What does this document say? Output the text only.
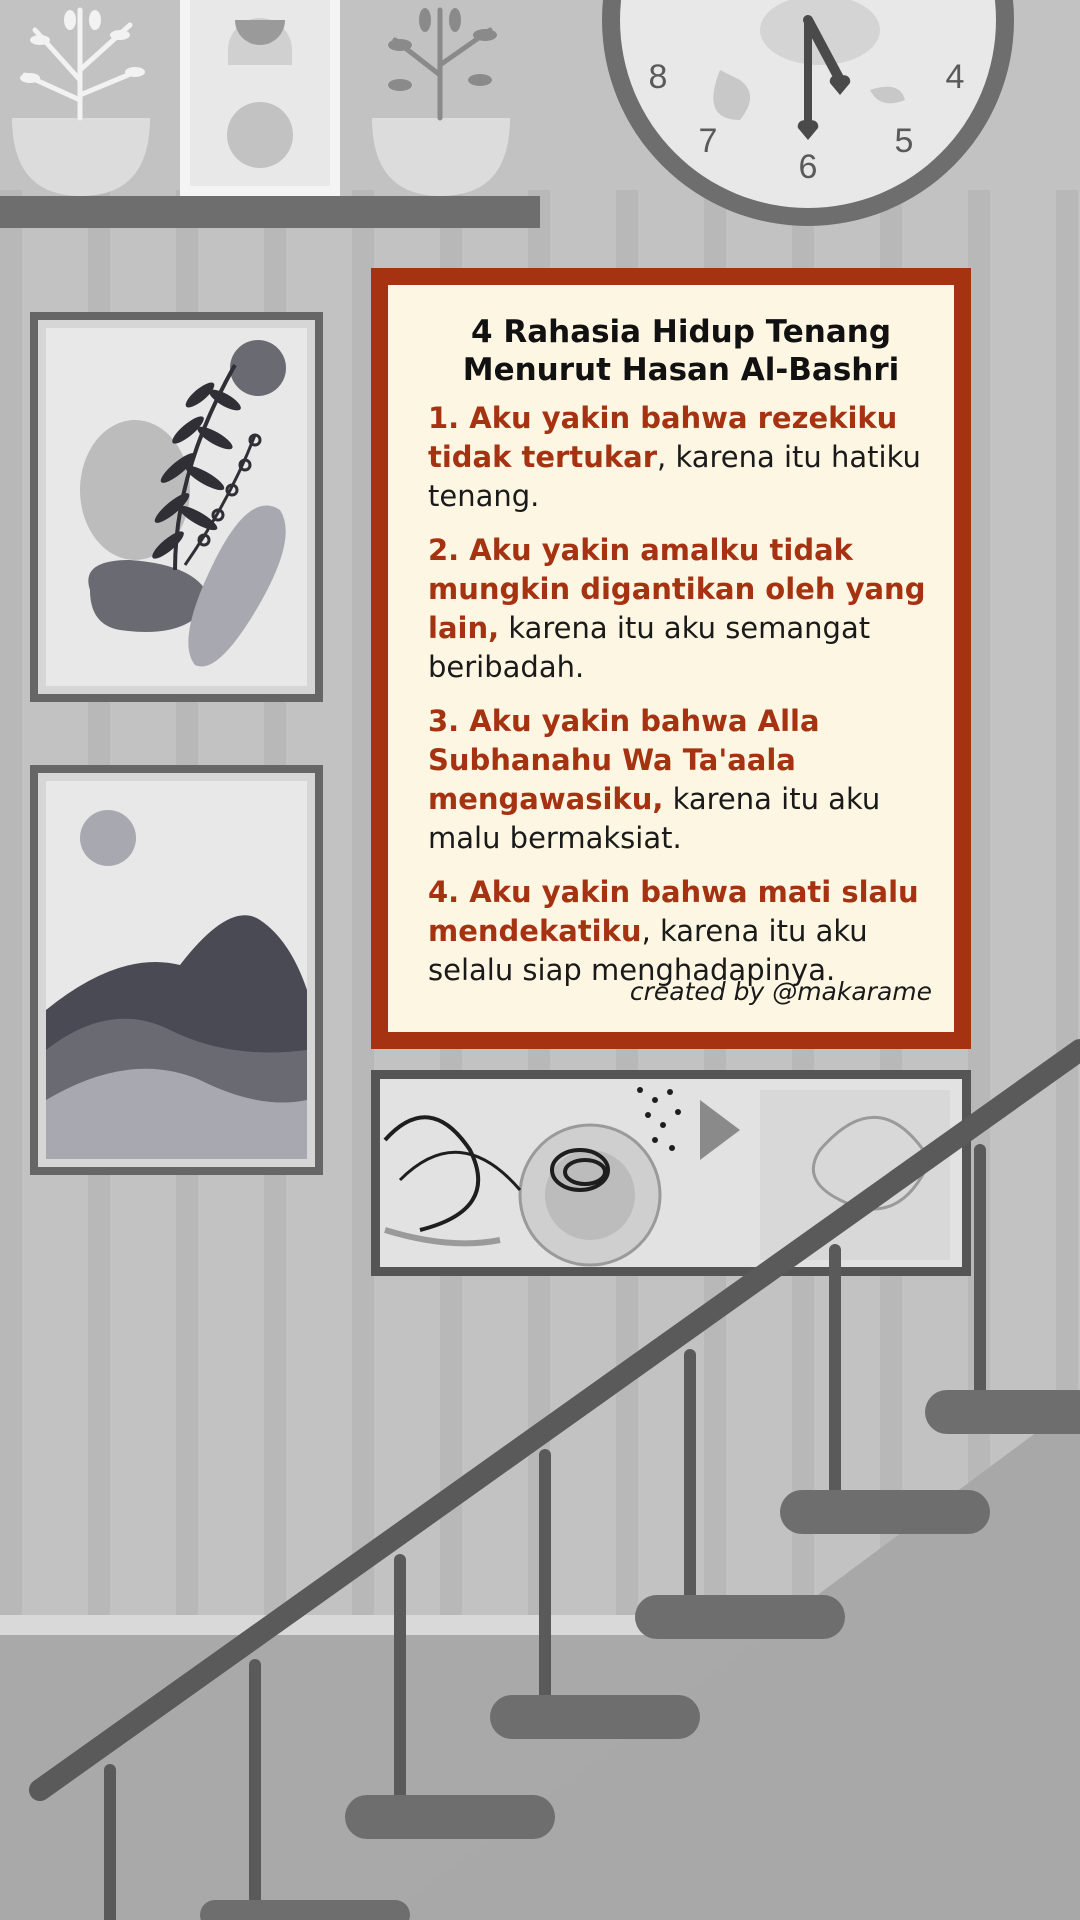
8	4
7	5
6
4 Rahasia Hidup Tenang
Menurut Hasan Al-Bashri
1. Aku yakin bahwa rezekiku tidak tertukar, karena itu hatiku tenang.
2. Aku yakin amalku tidak mungkin digantikan oleh yang lain, karena itu aku semangat beribadah.
3. Aku yakin bahwa Alla Subhanahu Wa Ta'aala mengawasiku, karena itu aku malu bermaksiat.
4. Aku yakin bahwa mati slalu mendekatiku, karena itu aku selalu siap menghadapinya.
created by @makarame
